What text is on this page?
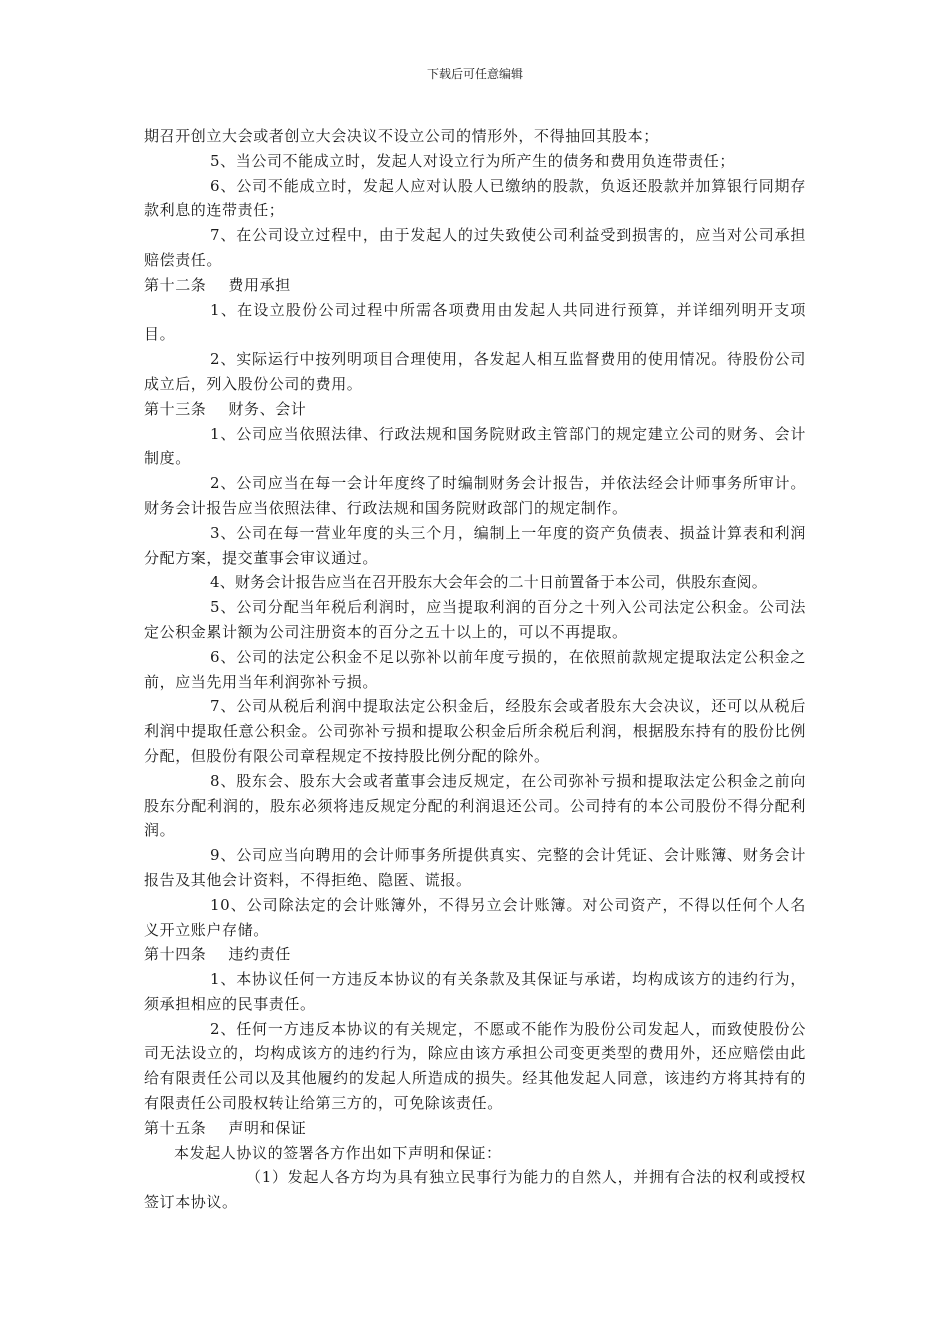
下载后可任意编辑

期召开创立大会或者创立大会决议不设立公司的情形外，不得抽回其股本；

5、当公司不能成立时，发起人对设立行为所产生的债务和费用负连带责任；

6、公司不能成立时，发起人应对认股人已缴纳的股款，负返还股款并加算银行同期存款利息的连带责任；

7、在公司设立过程中，由于发起人的过失致使公司利益受到损害的，应当对公司承担赔偿责任。

第十二条 费用承担

1、在设立股份公司过程中所需各项费用由发起人共同进行预算，并详细列明开支项目。

2、实际运行中按列明项目合理使用，各发起人相互监督费用的使用情况。待股份公司成立后，列入股份公司的费用。

第十三条 财务、会计

1、公司应当依照法律、行政法规和国务院财政主管部门的规定建立公司的财务、会计制度。

2、公司应当在每一会计年度终了时编制财务会计报告，并依法经会计师事务所审计。财务会计报告应当依照法律、行政法规和国务院财政部门的规定制作。

3、公司在每一营业年度的头三个月，编制上一年度的资产负债表、损益计算表和利润分配方案，提交董事会审议通过。

4、财务会计报告应当在召开股东大会年会的二十日前置备于本公司，供股东查阅。

5、公司分配当年税后利润时，应当提取利润的百分之十列入公司法定公积金。公司法定公积金累计额为公司注册资本的百分之五十以上的，可以不再提取。

6、公司的法定公积金不足以弥补以前年度亏损的，在依照前款规定提取法定公积金之前，应当先用当年利润弥补亏损。

7、公司从税后利润中提取法定公积金后，经股东会或者股东大会决议，还可以从税后利润中提取任意公积金。公司弥补亏损和提取公积金后所余税后利润，根据股东持有的股份比例分配，但股份有限公司章程规定不按持股比例分配的除外。

8、股东会、股东大会或者董事会违反规定，在公司弥补亏损和提取法定公积金之前向股东分配利润的，股东必须将违反规定分配的利润退还公司。公司持有的本公司股份不得分配利润。

9、公司应当向聘用的会计师事务所提供真实、完整的会计凭证、会计账簿、财务会计报告及其他会计资料，不得拒绝、隐匿、谎报。

10、公司除法定的会计账簿外，不得另立会计账簿。对公司资产，不得以任何个人名义开立账户存储。

第十四条 违约责任

1、本协议任何一方违反本协议的有关条款及其保证与承诺，均构成该方的违约行为，须承担相应的民事责任。

2、任何一方违反本协议的有关规定，不愿或不能作为股份公司发起人，而致使股份公司无法设立的，均构成该方的违约行为，除应由该方承担公司变更类型的费用外，还应赔偿由此给有限责任公司以及其他履约的发起人所造成的损失。经其他发起人同意，该违约方将其持有的有限责任公司股权转让给第三方的，可免除该责任。

第十五条 声明和保证

本发起人协议的签署各方作出如下声明和保证：

（1）发起人各方均为具有独立民事行为能力的自然人，并拥有合法的权利或授权签订本协议。
